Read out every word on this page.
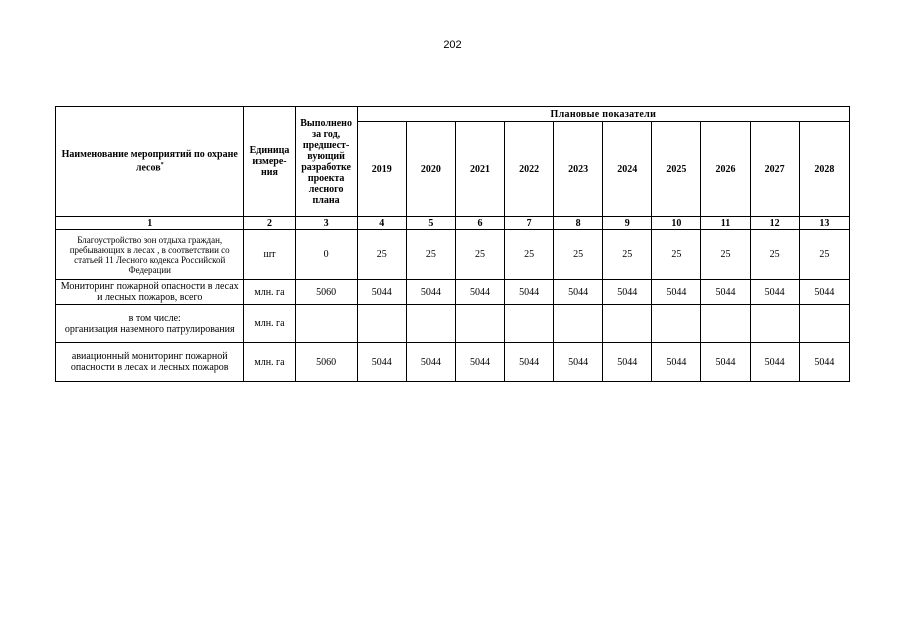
202
Наименование мероприятий по охране лесов*	Единица измере-ния	Выполнено за год, предшест-вующий разработке проекта лесного плана	Плановые показатели									
			2019	2020	2021	2022	2023	2024	2025	2026	2027	2028
1	2	3	4	5	6	7	8	9	10	11	12	13
Благоустройство зон отдыха граждан, пребывающих в лесах , в соответствии со статьей 11 Лесного кодекса Российской Федерации	шт	0	25	25	25	25	25	25	25	25	25	25
Мониторинг пожарной опасности в лесах и лесных пожаров, всего	млн. га	5060	5044	5044	5044	5044	5044	5044	5044	5044	5044	5044

в том числе:
организация наземного патрулирования	млн. га											
авиационный мониторинг пожарной опасности в лесах и лесных пожаров	млн. га	5060	5044	5044	5044	5044	5044	5044	5044	5044	5044	5044
